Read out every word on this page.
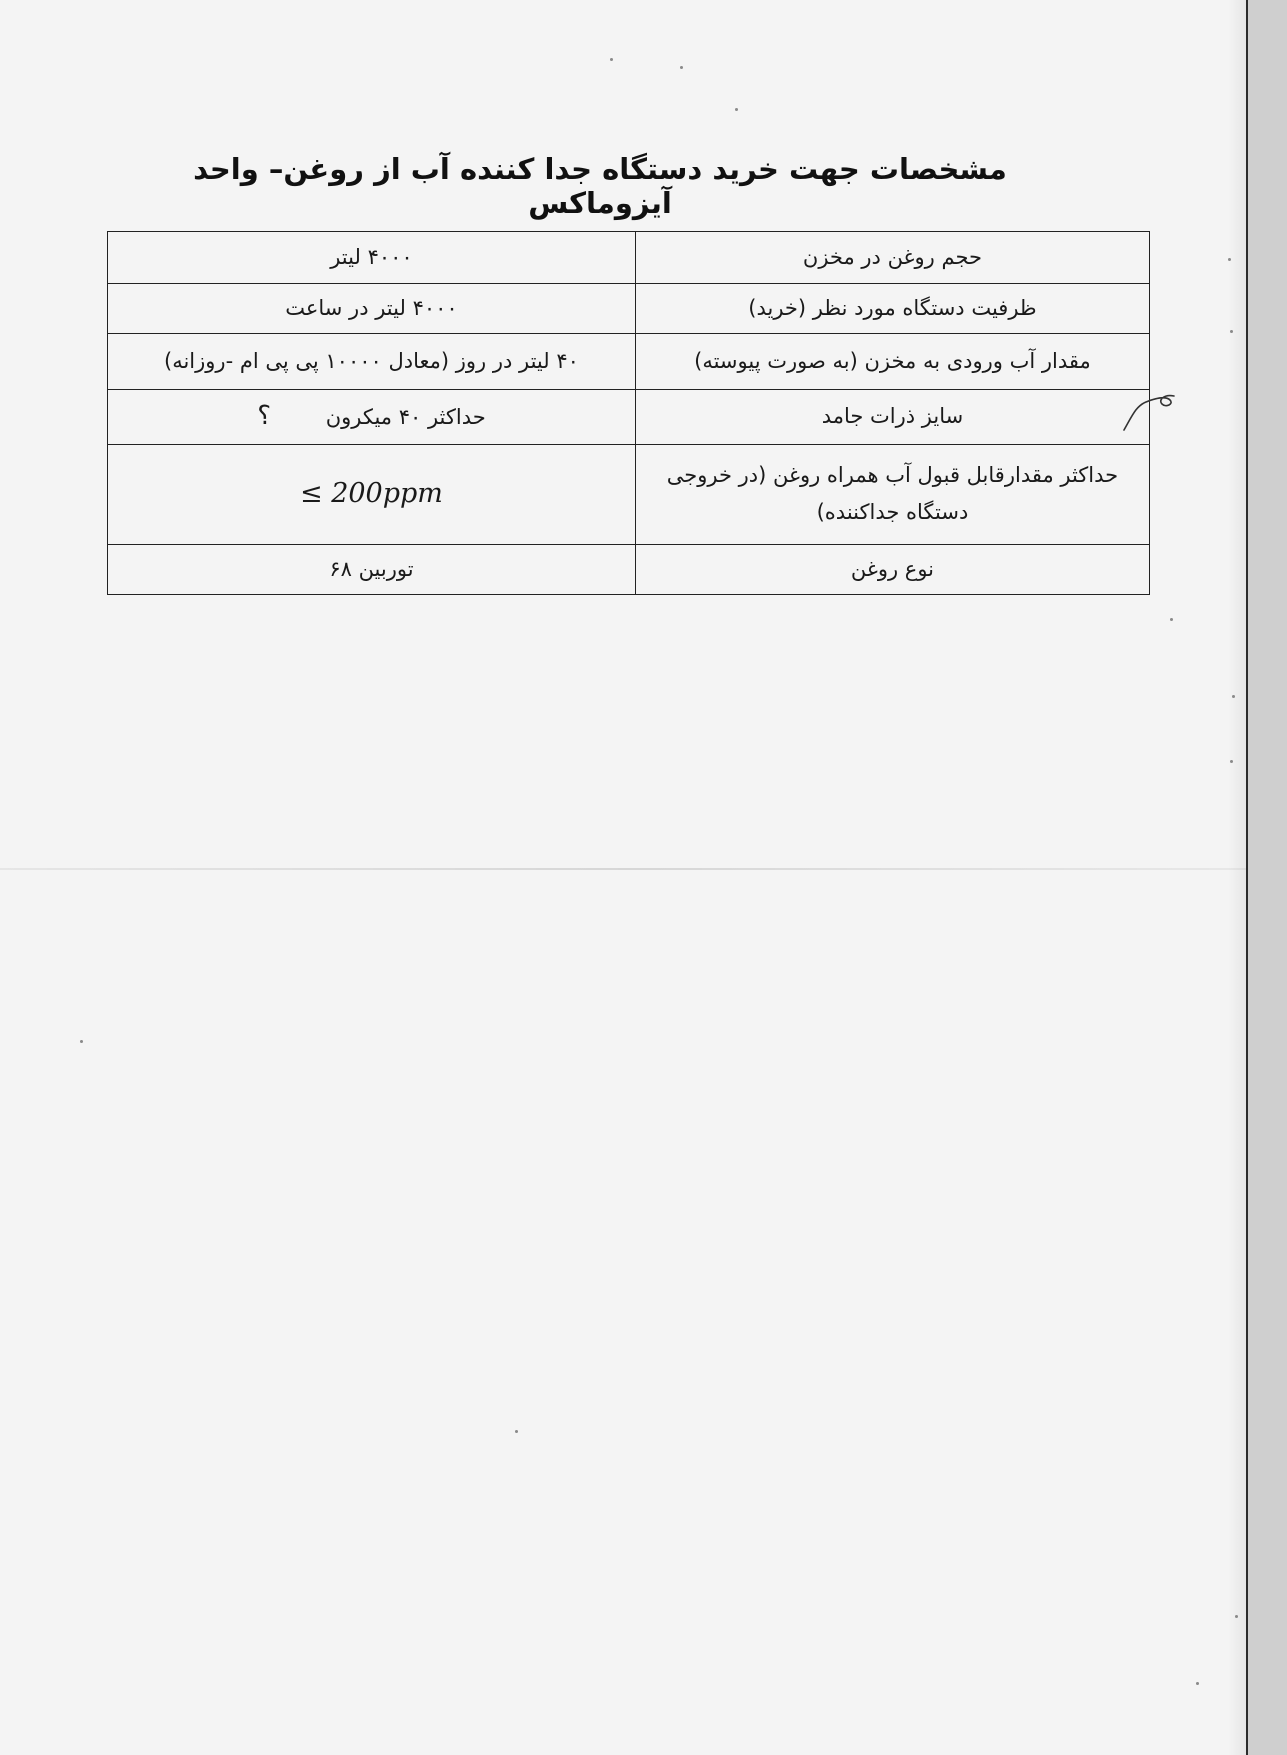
مشخصات جهت خرید دستگاه جدا کننده آب از روغن– واحد آیزوماکس
حجم روغن در مخزن	۴۰۰۰ لیتر
ظرفیت دستگاه مورد نظر (خرید)	۴۰۰۰ لیتر در ساعت
مقدار آب ورودی به مخزن (به صورت پیوسته)	۴۰ لیتر در روز (معادل ۱۰۰۰۰ پی پی ام -روزانه)
سایز ذرات جامد	حداکثر ۴۰ میکرون ؟
حداکثر مقدارقابل قبول آب همراه روغن (در خروجی دستگاه جداکننده)	≤ 200ppm
نوع روغن	توربین ۶۸
